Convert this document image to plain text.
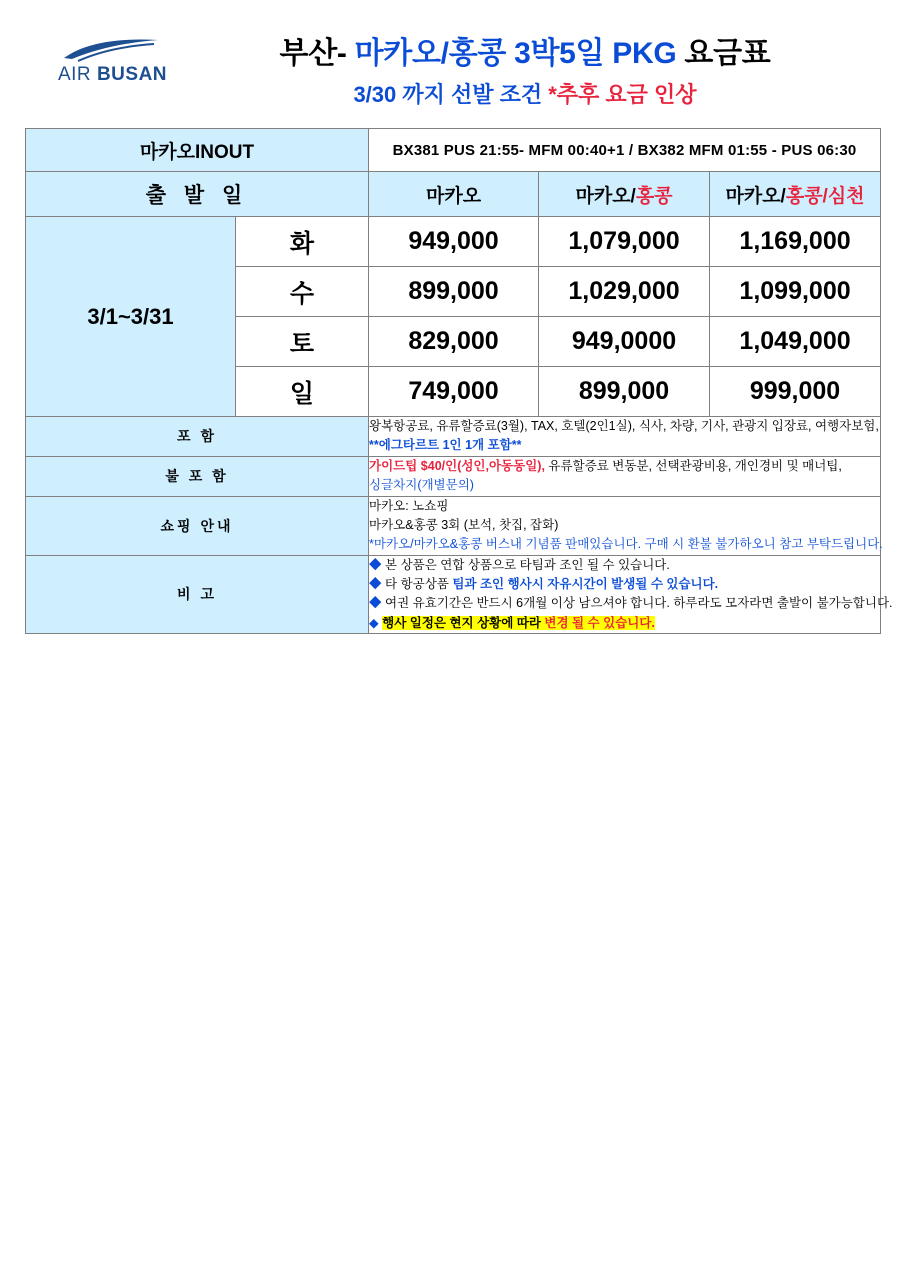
AIR BUSAN
부산- 마카오/홍콩 3박5일 PKG 요금표
3/30 까지 선발 조건 *추후 요금 인상
마카오INOUT		BX381 PUS 21:55- MFM 00:40+1 / BX382 MFM 01:55 - PUS 06:30		
출 발 일		마카오	마카오/홍콩	마카오/홍콩/심천
3/1~3/31	화	949,000	1,079,000	1,169,000
	수	899,000	1,029,000	1,099,000
	토	829,000	949,0000	1,049,000
	일	749,000	899,000	999,000
포 함		왕복항공료, 유류할증료(3월), TAX, 호텔(2인1실), 식사, 차량, 기사, 관광지 입장료, 여행자보험,
**에그타르트 1인 1개 포함**		

불 포 함		가이드팁 $40/인(성인,아동동일), 유류할증료 변동분, 선택관광비용, 개인경비 및 매너팁,
싱글차지(개별문의)		

쇼핑 안내		마카오: 노쇼핑
마카오&홍콩 3회 (보석, 찻집, 잡화)
*마카오/마카오&홍콩 버스내 기념품 판매있습니다. 구매 시 환불 불가하오니 참고 부탁드립니다.		

비 고		◆ 본 상품은 연합 상품으로 타팀과 조인 될 수 있습니다.
◆ 타 항공상품 팀과 조인 행사시 자유시간이 발생될 수 있습니다.
◆ 여권 유효기간은 반드시 6개월 이상 남으셔야 합니다. 하루라도 모자라면 출발이 불가능합니다.
◆ 행사 일정은 현지 상황에 따라 변경 될 수 있습니다.		
